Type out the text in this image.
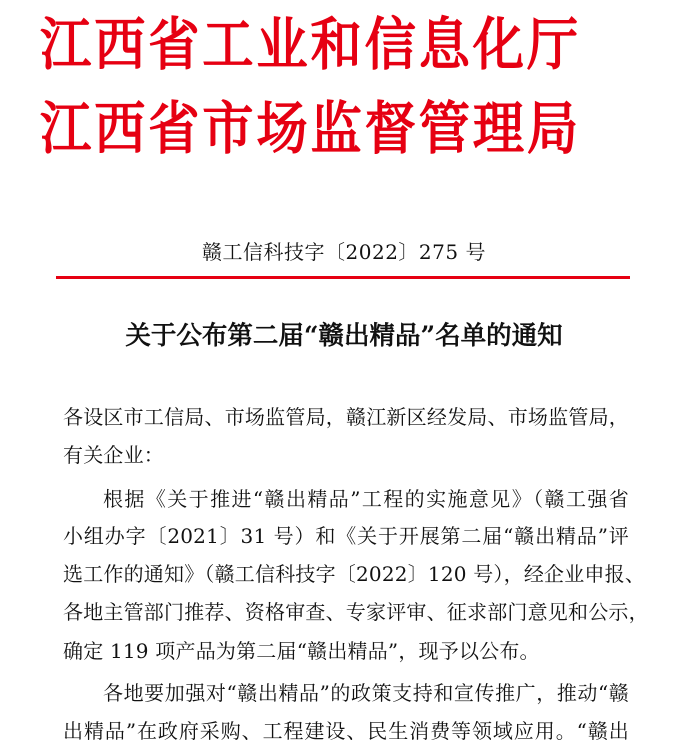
江西省工业和信息化厅
江西省市场监督管理局
赣工信科技字〔2022〕275 号
关于公布第二届“赣出精品”名单的通知
各设区市工信局、市场监管局，赣江新区经发局、市场监管局，
有关企业：
根据《关于推进“赣出精品”工程的实施意见》（赣工强省
小组办字〔2021〕31 号）和《关于开展第二届“赣出精品”评
选工作的通知》（赣工信科技字〔2022〕120 号），经企业申报、
各地主管部门推荐、资格审查、专家评审、征求部门意见和公示，
确定 119 项产品为第二届“赣出精品”，现予以公布。
各地要加强对“赣出精品”的政策支持和宣传推广，推动“赣
出精品”在政府采购、工程建设、民生消费等领域应用。“赣出
